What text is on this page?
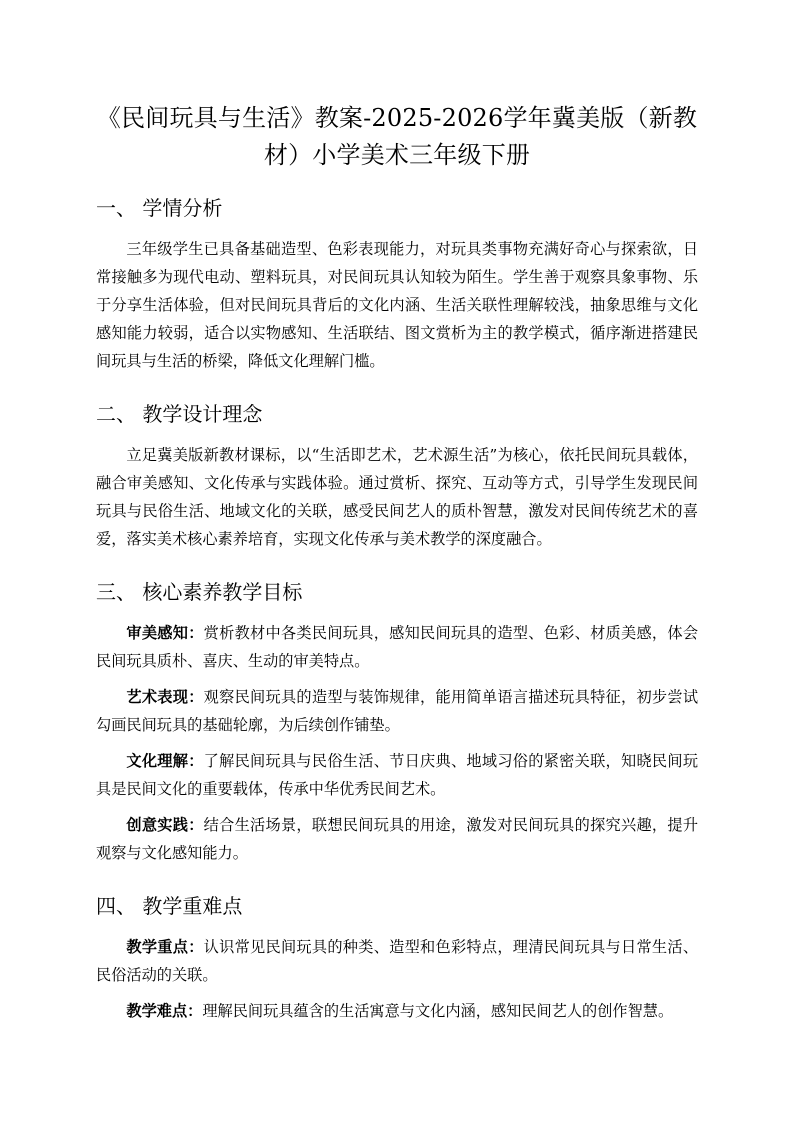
《民间玩具与生活》教案-2025-2026学年冀美版（新教材）小学美术三年级下册
一、 学情分析

三年级学生已具备基础造型、色彩表现能力，对玩具类事物充满好奇心与探索欲，日常接触多为现代电动、塑料玩具，对民间玩具认知较为陌生。学生善于观察具象事物、乐于分享生活体验，但对民间玩具背后的文化内涵、生活关联性理解较浅，抽象思维与文化感知能力较弱，适合以实物感知、生活联结、图文赏析为主的教学模式，循序渐进搭建民间玩具与生活的桥梁，降低文化理解门槛。

二、 教学设计理念

立足冀美版新教材课标，以“生活即艺术，艺术源生活”为核心，依托民间玩具载体，融合审美感知、文化传承与实践体验。通过赏析、探究、互动等方式，引导学生发现民间玩具与民俗生活、地域文化的关联，感受民间艺人的质朴智慧，激发对民间传统艺术的喜爱，落实美术核心素养培育，实现文化传承与美术教学的深度融合。

三、 核心素养教学目标

审美感知：赏析教材中各类民间玩具，感知民间玩具的造型、色彩、材质美感，体会民间玩具质朴、喜庆、生动的审美特点。

艺术表现：观察民间玩具的造型与装饰规律，能用简单语言描述玩具特征，初步尝试勾画民间玩具的基础轮廓，为后续创作铺垫。

文化理解：了解民间玩具与民俗生活、节日庆典、地域习俗的紧密关联，知晓民间玩具是民间文化的重要载体，传承中华优秀民间艺术。

创意实践：结合生活场景，联想民间玩具的用途，激发对民间玩具的探究兴趣，提升观察与文化感知能力。

四、 教学重难点

教学重点：认识常见民间玩具的种类、造型和色彩特点，理清民间玩具与日常生活、民俗活动的关联。

教学难点：理解民间玩具蕴含的生活寓意与文化内涵，感知民间艺人的创作智慧。
